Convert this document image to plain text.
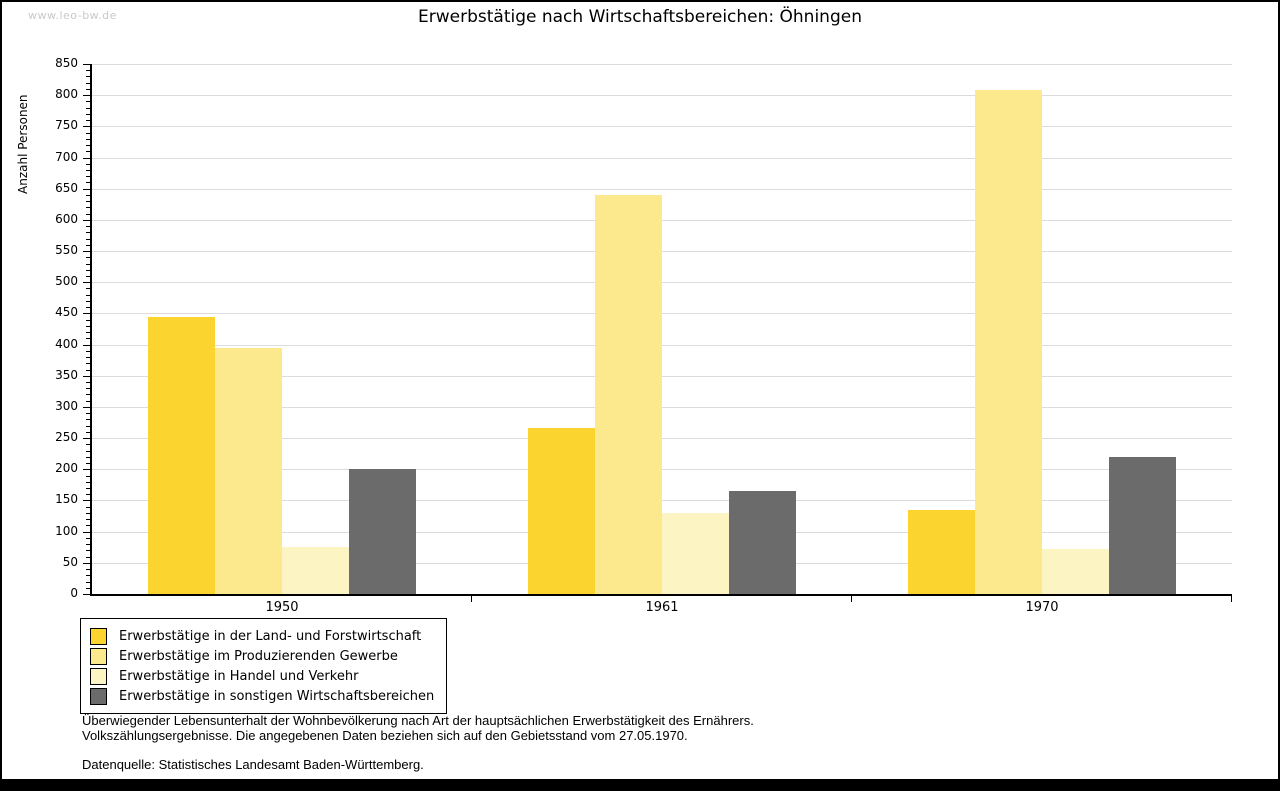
www.leo-bw.de	Erwerbstätige nach Wirtschaftsbereichen: Öhningen
Anzahl Personen
0
50
100
150
200
250
300
350
400
450
500
550
600
650
700
750
800
850
1950	1961	1970
Erwerbstätige in der Land- und Forstwirtschaft
Erwerbstätige im Produzierenden Gewerbe
Erwerbstätige in Handel und Verkehr
Erwerbstätige in sonstigen Wirtschaftsbereichen
Überwiegender Lebensunterhalt der Wohnbevölkerung nach Art der hauptsächlichen Erwerbstätigkeit des Ernährers.
Volkszählungsergebnisse. Die angegebenen Daten beziehen sich auf den Gebietsstand vom 27.05.1970.
Datenquelle: Statistisches Landesamt Baden-Württemberg.
